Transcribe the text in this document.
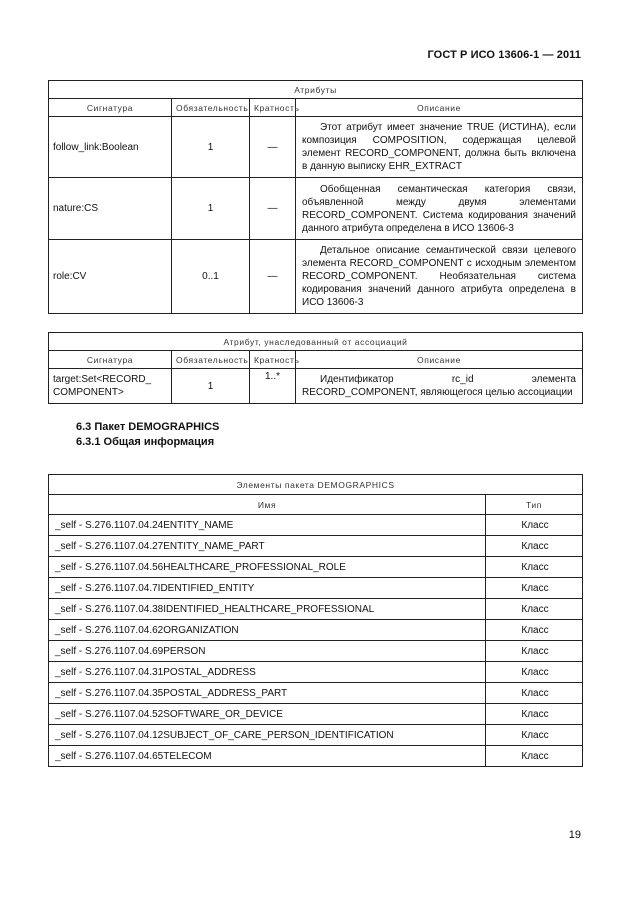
ГОСТ Р ИСО 13606-1 — 2011
Атрибуты			
Сигнатура	Обязательность	Кратность	Описание
follow_link:Boolean	1	—	Этот атрибут имеет значение TRUE (ИСТИНА), если композиция COMPOSITION, содержащая целевой элемент RECORD_COMPONENT, должна быть включена в данную выписку EHR_EXTRACT

nature:CS	1	—	Обобщенная семантическая категория связи, объявленной между двумя элементами RECORD_COMPONENT. Система кодирования значений данного атрибута определена в ИСО 13606-3

role:CV	0..1	—	Детальное описание семантической связи целевого элемента RECORD_COMPONENT с исходным элементом RECORD_COMPONENT. Необязательная система кодирования значений данного атрибута определена в ИСО 13606-3
Атрибут, унаследованный от ассоциаций			
Сигнатура	Обязательность	Кратность	Описание
target:Set<RECORD_ COMPONENT>	1	1..*	Идентификатор rc_id элемента RECORD_COMPONENT, являющегося целью ассоциации
6.3 Пакет DEMOGRAPHICS
6.3.1 Общая информация
Элементы пакета DEMOGRAPHICS	
Имя	Тип
_self - S.276.1107.04.24ENTITY_NAME	Класс
_self - S.276.1107.04.27ENTITY_NAME_PART	Класс
_self - S.276.1107.04.56HEALTHCARE_PROFESSIONAL_ROLE	Класс
_self - S.276.1107.04.7IDENTIFIED_ENTITY	Класс
_self - S.276.1107.04.38IDENTIFIED_HEALTHCARE_PROFESSIONAL	Класс
_self - S.276.1107.04.62ORGANIZATION	Класс
_self - S.276.1107.04.69PERSON	Класс
_self - S.276.1107.04.31POSTAL_ADDRESS	Класс
_self - S.276.1107.04.35POSTAL_ADDRESS_PART	Класс
_self - S.276.1107.04.52SOFTWARE_OR_DEVICE	Класс
_self - S.276.1107.04.12SUBJECT_OF_CARE_PERSON_IDENTIFICATION	Класс
_self - S.276.1107.04.65TELECOM	Класс
19
